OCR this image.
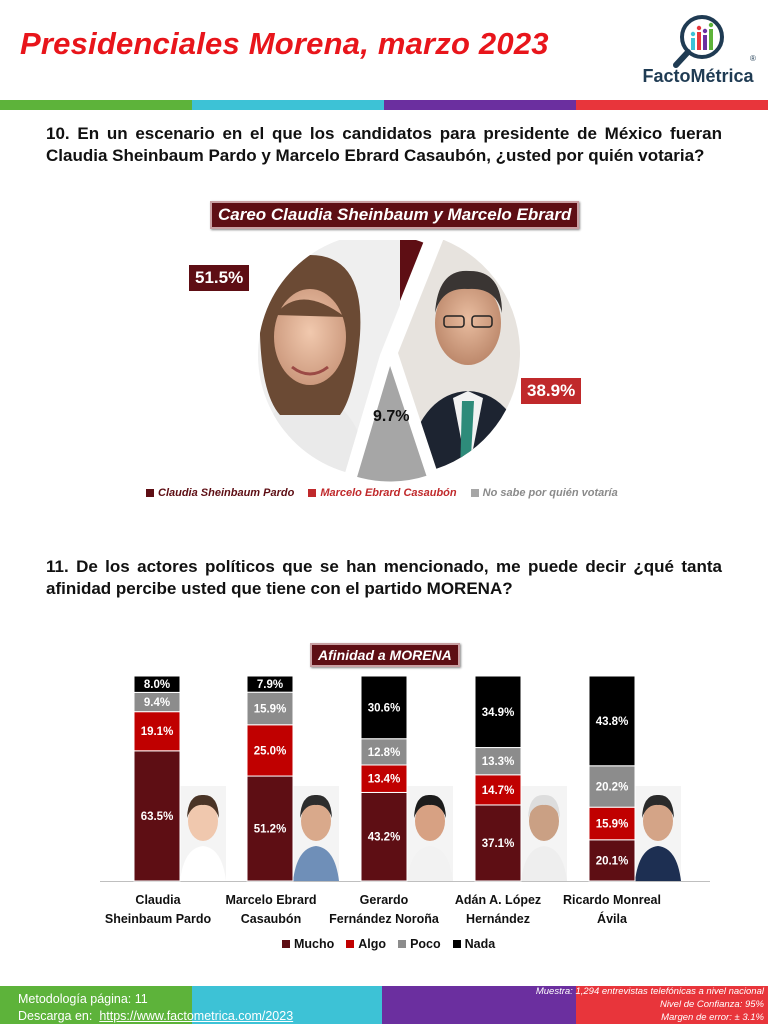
Presidenciales Morena, marzo 2023
FactoMétrica
®
10. En un escenario en el que los candidatos para presidente de México fueran Claudia Sheinbaum Pardo y Marcelo Ebrard Casaubón, ¿usted por quién votaria?
Careo Claudia Sheinbaum y Marcelo Ebrard
51.5%
38.9%
9.7%
Claudia Sheinbaum Pardo Marcelo Ebrard Casaubón No sabe por quién votaría
11. De los actores políticos que se han mencionado, me puede decir ¿qué tanta afinidad percibe usted que tiene con el partido MORENA?
Afinidad a MORENA
63.5%
19.1%
9.4%
8.0%
51.2%
25.0%
15.9%
7.9%
43.2%
13.4%
12.8%
30.6%
37.1%
14.7%
13.3%
34.9%
20.1%
15.9%
20.2%
43.8%
Claudia
Sheinbaum Pardo
Marcelo Ebrard
Casaubón
Gerardo
Fernández Noroña
Adán A. López
Hernández
Ricardo Monreal
Ávila
Mucho Algo Poco Nada
Metodología página: 11
Descarga en: https://www.factometrica.com/2023
Muestra: 1,294 entrevistas telefónicas a nivel nacional
Nivel de Confianza: 95%
Margen de error: ± 3.1%
